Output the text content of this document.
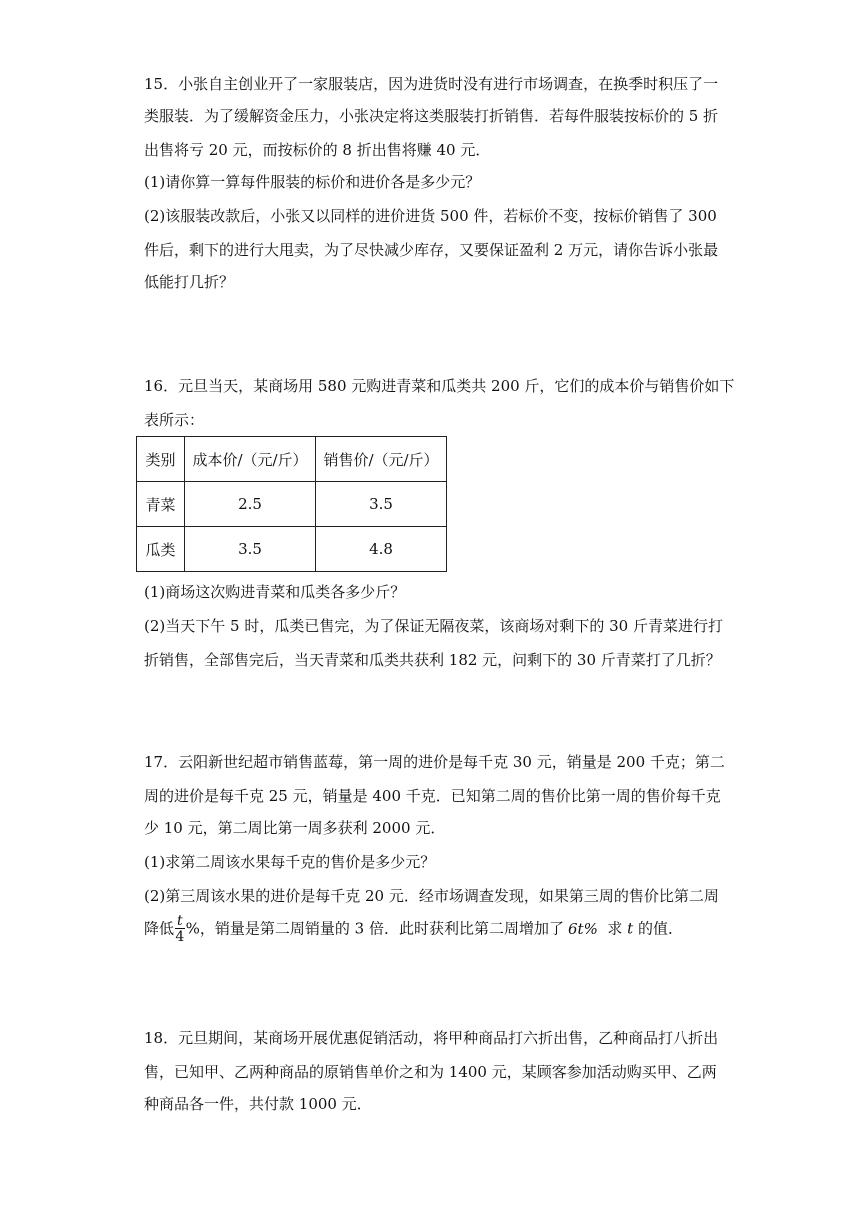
15．小张自主创业开了一家服装店，因为进货时没有进行市场调查，在换季时积压了一
类服装．为了缓解资金压力，小张决定将这类服装打折销售．若每件服装按标价的 5 折
出售将亏 20 元，而按标价的 8 折出售将赚 40 元．
(1)请你算一算每件服装的标价和进价各是多少元？
(2)该服装改款后，小张又以同样的进价进货 500 件，若标价不变，按标价销售了 300
件后，剩下的进行大甩卖，为了尽快减少库存，又要保证盈利 2 万元，请你告诉小张最
低能打几折？
16．元旦当天，某商场用 580 元购进青菜和瓜类共 200 斤，它们的成本价与销售价如下
表所示：
类别	成本价/（元/斤）	销售价/（元/斤）
青菜	2.5	3.5
瓜类	3.5	4.8
(1)商场这次购进青菜和瓜类各多少斤？
(2)当天下午 5 时，瓜类已售完，为了保证无隔夜菜，该商场对剩下的 30 斤青菜进行打
折销售，全部售完后，当天青菜和瓜类共获利 182 元，问剩下的 30 斤青菜打了几折？
17．云阳新世纪超市销售蓝莓，第一周的进价是每千克 30 元，销量是 200 千克；第二
周的进价是每千克 25 元，销量是 400 千克．已知第二周的售价比第一周的售价每千克
少 10 元，第二周比第一周多获利 2000 元．
(1)求第二周该水果每千克的售价是多少元？
(2)第三周该水果的进价是每千克 20 元．经市场调查发现，如果第三周的售价比第二周
降低 $\frac{t}{4}$ %，销量是第二周销量的 3 倍．此时获利比第二周增加了 6t%  求 t 的值．
18．元旦期间，某商场开展优惠促销活动，将甲种商品打六折出售，乙种商品打八折出
售，已知甲、乙两种商品的原销售单价之和为 1400 元，某顾客参加活动购买甲、乙两
种商品各一件，共付款 1000 元．
